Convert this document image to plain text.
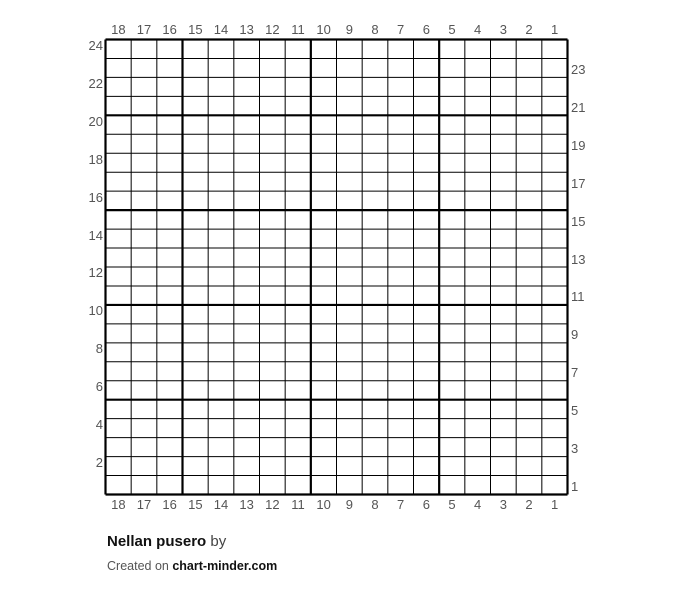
18 17 16 15 14 13 12 11 10	9	8	7	6	5	4	3	2	1
18 17 16 15 14 13 12 11 10	9	8	7	6	5	4	3	2	1
24
22
20
18
16
14
12
10
8
6
4
2
23
21
19
17
15
13
11
9
7
5
3
1
Nellan pusero by
Created on chart-minder.com
